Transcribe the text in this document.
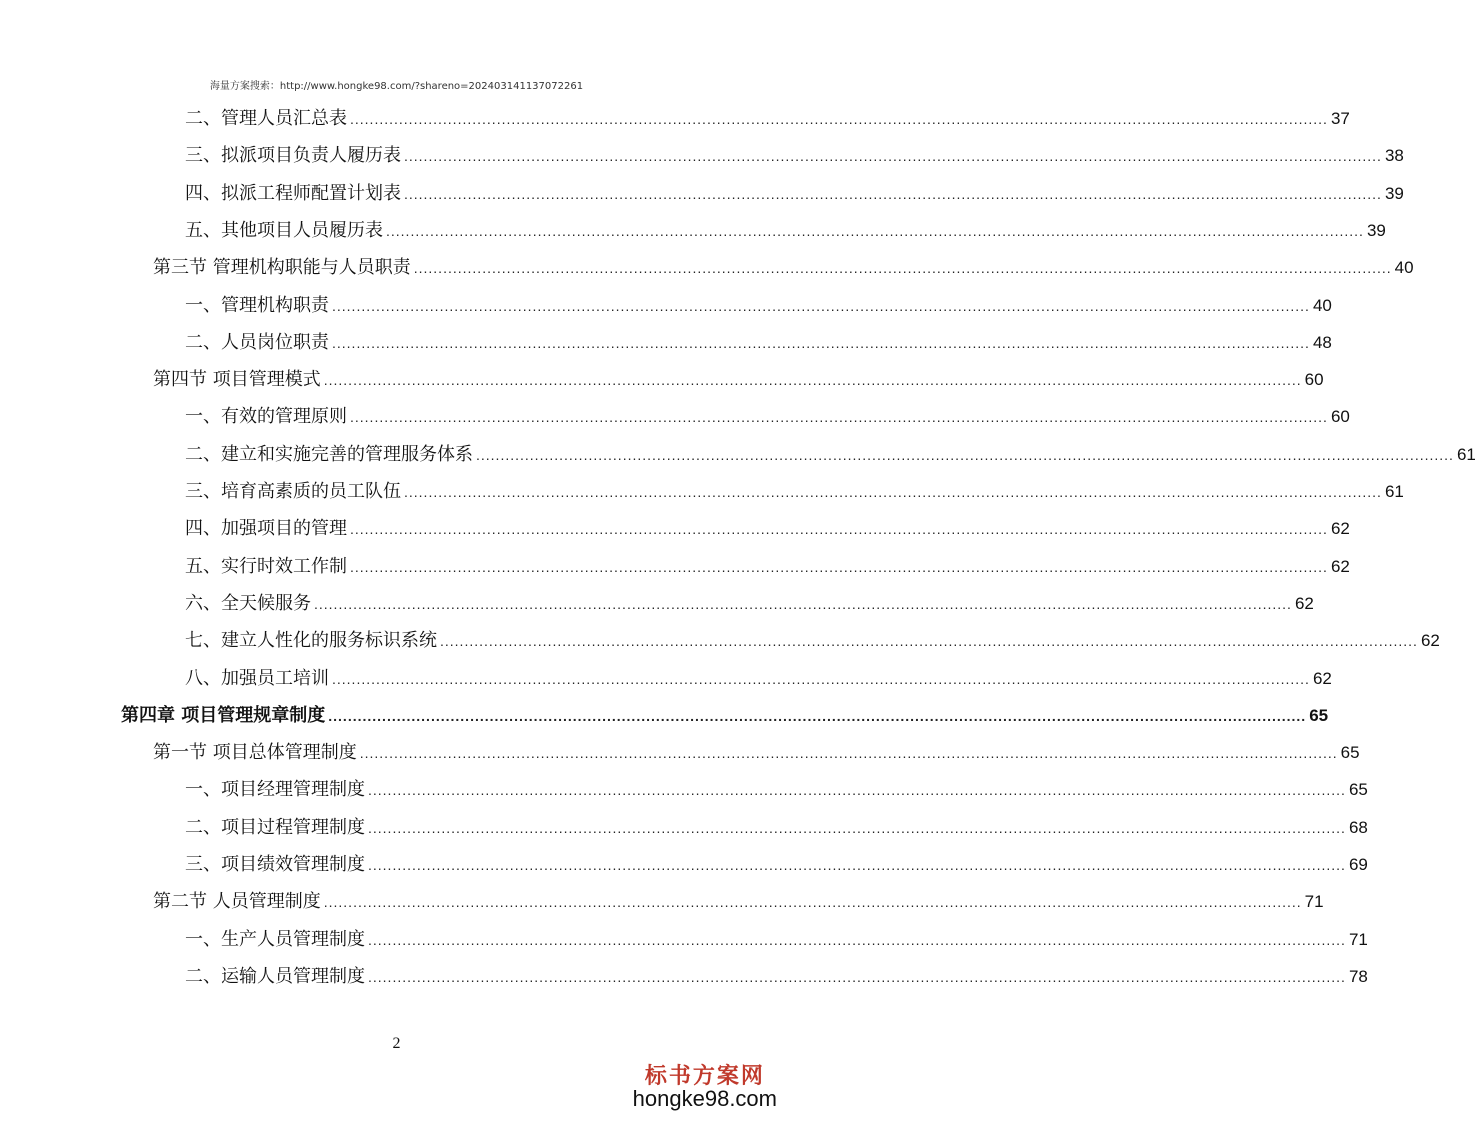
海量方案搜索：http://www.hongke98.com/?shareno=20240314113707226​1
二、管理人员汇总表 ........................................................................................................................................................................................................ 37
三、拟派项目负责人履历表 ........................................................................................................................................................................................................ 38
四、拟派工程师配置计划表 ........................................................................................................................................................................................................ 39
五、其他项目人员履历表 ........................................................................................................................................................................................................ 39
第三节 管理机构职能与人员职责 ........................................................................................................................................................................................................ 40
一、管理机构职责 ........................................................................................................................................................................................................ 40
二、人员岗位职责 ........................................................................................................................................................................................................ 48
第四节 项目管理模式 ........................................................................................................................................................................................................ 60
一、有效的管理原则 ........................................................................................................................................................................................................ 60
二、建立和实施完善的管理服务体系 ........................................................................................................................................................................................................ 61
三、培育高素质的员工队伍 ........................................................................................................................................................................................................ 61
四、加强项目的管理 ........................................................................................................................................................................................................ 62
五、实行时效工作制 ........................................................................................................................................................................................................ 62
六、全天候服务 ........................................................................................................................................................................................................ 62
七、建立人性化的服务标识系统 ........................................................................................................................................................................................................ 62
八、加强员工培训 ........................................................................................................................................................................................................ 62
第四章 项目管理规章制度 ........................................................................................................................................................................................................ 65
第一节 项目总体管理制度 ........................................................................................................................................................................................................ 65
一、项目经理管理制度 ........................................................................................................................................................................................................ 65
二、项目过程管理制度 ........................................................................................................................................................................................................ 68
三、项目绩效管理制度 ........................................................................................................................................................................................................ 69
第二节 人员管理制度 ........................................................................................................................................................................................................ 71
一、生产人员管理制度 ........................................................................................................................................................................................................ 71
二、运输人员管理制度 ........................................................................................................................................................................................................ 78
2
标书方案网
hongke98.com
